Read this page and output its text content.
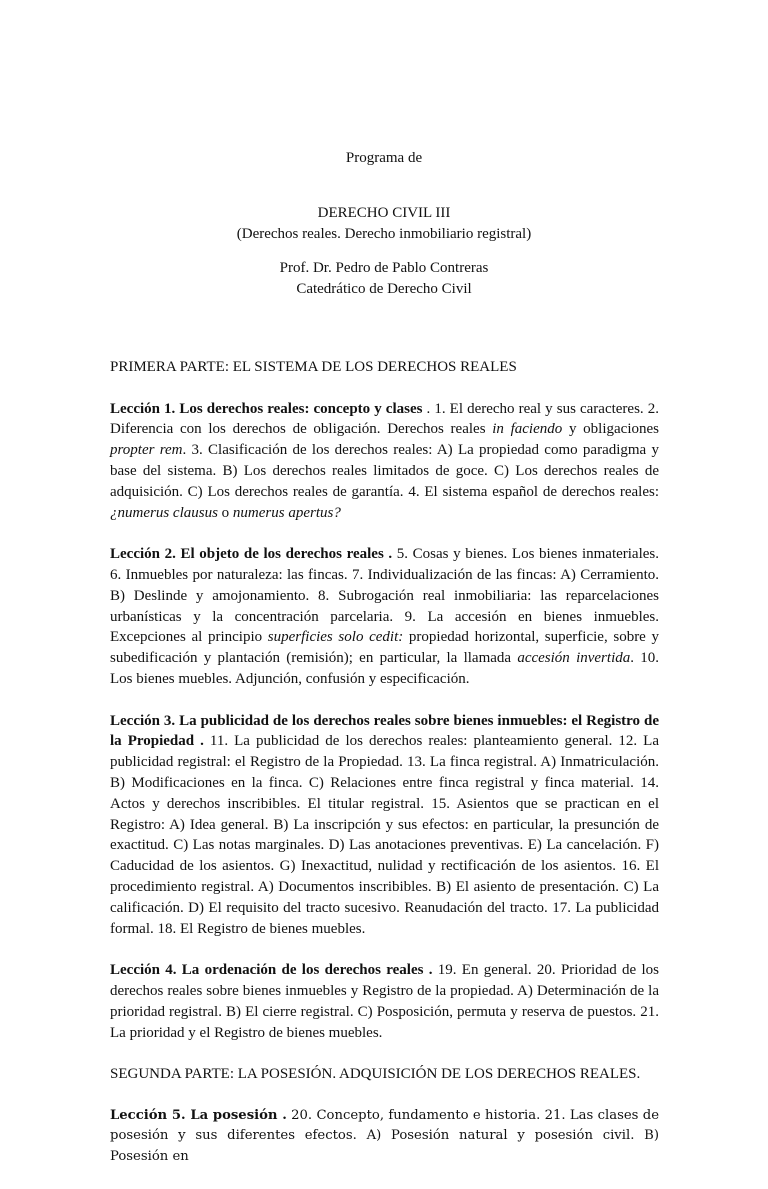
Programa de
DERECHO CIVIL III
(Derechos reales. Derecho inmobiliario registral)
Prof. Dr. Pedro de Pablo Contreras
Catedrático de Derecho Civil

PRIMERA PARTE: EL SISTEMA DE LOS DERECHOS REALES

Lección 1. Los derechos reales: concepto y clases . 1. El derecho real y sus caracteres. 2. Diferencia con los derechos de obligación. Derechos reales in faciendo y obligaciones propter rem. 3. Clasificación de los derechos reales: A) La propiedad como paradigma y base del sistema. B) Los derechos reales limitados de goce. C) Los derechos reales de adquisición. C) Los derechos reales de garantía. 4. El sistema español de derechos reales: ¿numerus clausus o numerus apertus?

Lección 2. El objeto de los derechos reales . 5. Cosas y bienes. Los bienes inmateriales. 6. Inmuebles por naturaleza: las fincas. 7. Individualización de las fincas: A) Cerramiento. B) Deslinde y amojonamiento. 8. Subrogación real inmobiliaria: las reparcelaciones urbanísticas y la concentración parcelaria. 9. La accesión en bienes inmuebles. Excepciones al principio superficies solo cedit: propiedad horizontal, superficie, sobre y subedificación y plantación (remisión); en particular, la llamada accesión invertida. 10. Los bienes muebles. Adjunción, confusión y especificación.

Lección 3. La publicidad de los derechos reales sobre bienes inmuebles: el Registro de la Propiedad . 11. La publicidad de los derechos reales: planteamiento general. 12. La publicidad registral: el Registro de la Propiedad. 13. La finca registral. A) Inmatriculación. B) Modificaciones en la finca. C) Relaciones entre finca registral y finca material. 14. Actos y derechos inscribibles. El titular registral. 15. Asientos que se practican en el Registro: A) Idea general. B) La inscripción y sus efectos: en particular, la presunción de exactitud. C) Las notas marginales. D) Las anotaciones preventivas. E) La cancelación. F) Caducidad de los asientos. G) Inexactitud, nulidad y rectificación de los asientos. 16. El procedimiento registral. A) Documentos inscribibles. B) El asiento de presentación. C) La calificación. D) El requisito del tracto sucesivo. Reanudación del tracto. 17. La publicidad formal. 18. El Registro de bienes muebles.

Lección 4. La ordenación de los derechos reales . 19. En general. 20. Prioridad de los derechos reales sobre bienes inmuebles y Registro de la propiedad. A) Determinación de la prioridad registral. B) El cierre registral. C) Posposición, permuta y reserva de puestos. 21. La prioridad y el Registro de bienes muebles.

SEGUNDA PARTE: LA POSESIÓN. ADQUISICIÓN DE LOS DERECHOS REALES.

Lección 5. La posesión . 20. Concepto, fundamento e historia. 21. Las clases de posesión y sus diferentes efectos. A) Posesión natural y posesión civil. B) Posesión en
